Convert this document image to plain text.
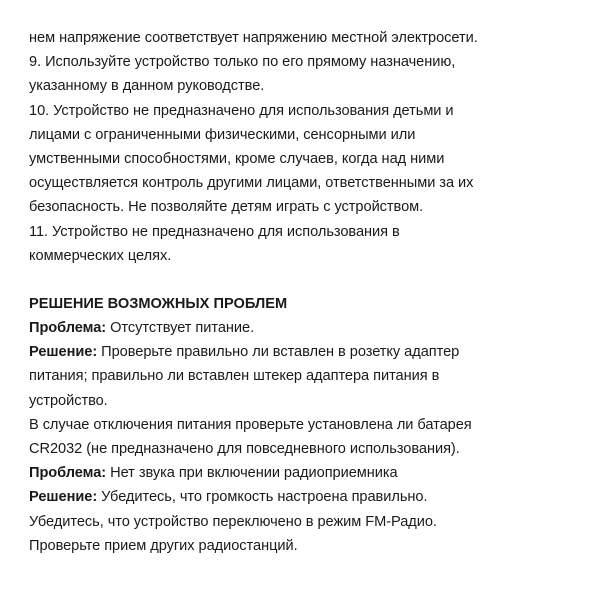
нем напряжение соответствует напряжению местной электросети.
9. Используйте устройство только по его прямому назначению,
указанному в данном руководстве.
10. Устройство не предназначено для использования детьми и
лицами с ограниченными физическими, сенсорными или
умственными способностями, кроме случаев, когда над ними
осуществляется контроль другими лицами, ответственными за их
безопасность. Не позволяйте детям играть с устройством.
11. Устройство не предназначено для использования в
коммерческих целях.
РЕШЕНИЕ ВОЗМОЖНЫХ ПРОБЛЕМ
Проблема: Отсутствует питание.
Решение: Проверьте правильно ли вставлен в розетку адаптер
питания; правильно ли вставлен штекер адаптера питания в
устройство.
В случае отключения питания проверьте установлена ли батарея
CR2032 (не предназначено для повседневного использования).
Проблема: Нет звука при включении радиоприемника
Решение: Убедитесь, что громкость настроена правильно.
Убедитесь, что устройство переключено в режим FM-Радио.
Проверьте прием других радиостанций.
